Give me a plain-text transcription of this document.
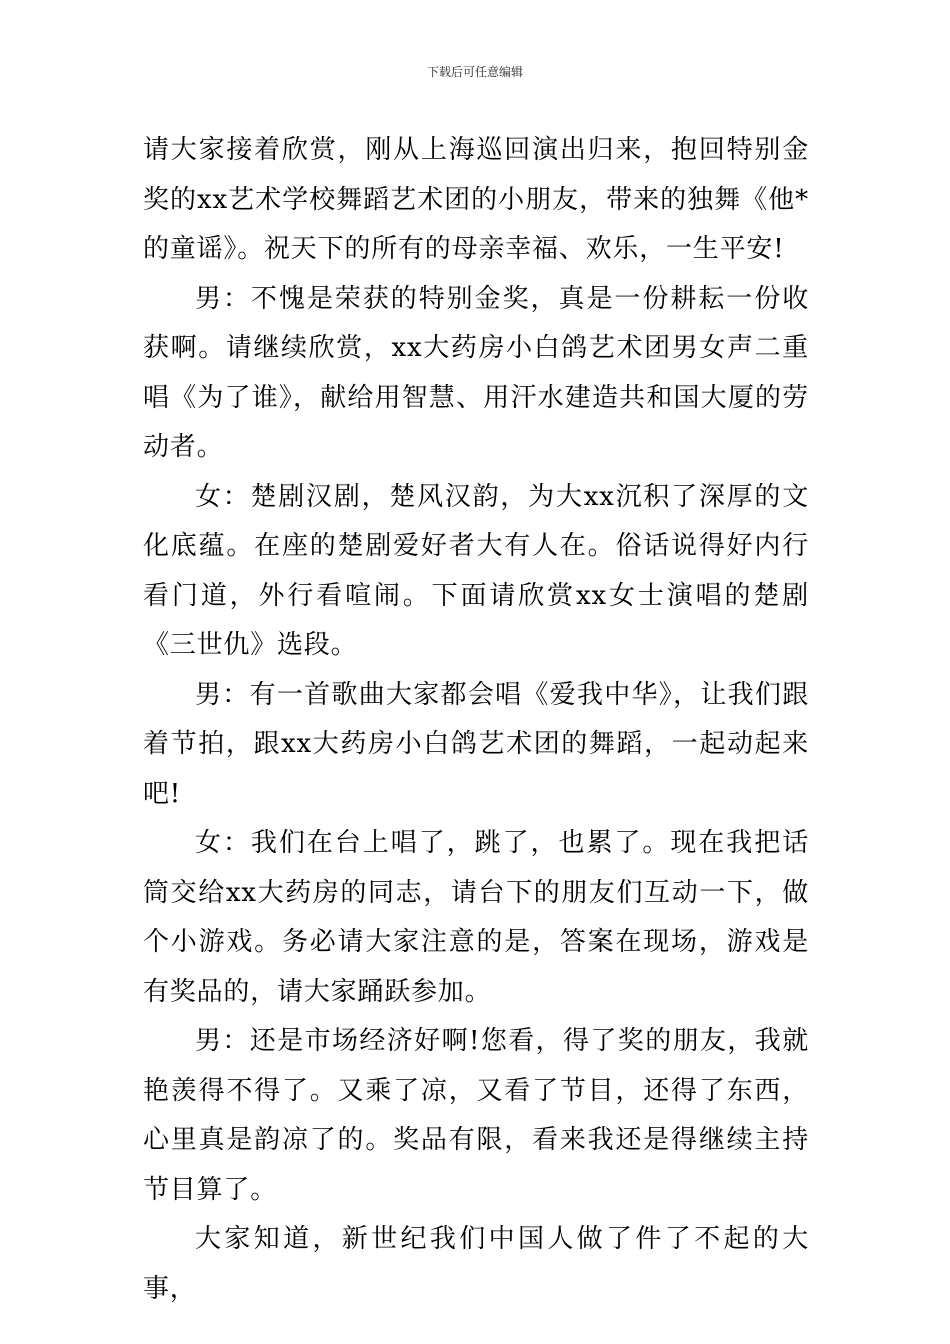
下载后可任意编辑

请大家接着欣赏，刚从上海巡回演出归来，抱回特别金奖的xx艺术学校舞蹈艺术团的小朋友，带来的独舞《他*的童谣》。祝天下的所有的母亲幸福、欢乐，一生平安!

男：不愧是荣获的特别金奖，真是一份耕耘一份收获啊。请继续欣赏，xx大药房小白鸽艺术团男女声二重唱《为了谁》，献给用智慧、用汗水建造共和国大厦的劳动者。

女：楚剧汉剧，楚风汉韵，为大xx沉积了深厚的文化底蕴。在座的楚剧爱好者大有人在。俗话说得好内行看门道，外行看喧闹。下面请欣赏xx女士演唱的楚剧《三世仇》选段。

男：有一首歌曲大家都会唱《爱我中华》，让我们跟着节拍，跟xx大药房小白鸽艺术团的舞蹈，一起动起来吧!

女：我们在台上唱了，跳了，也累了。现在我把话筒交给xx大药房的同志，请台下的朋友们互动一下，做个小游戏。务必请大家注意的是，答案在现场，游戏是有奖品的，请大家踊跃参加。

男：还是市场经济好啊!您看，得了奖的朋友，我就艳羡得不得了。又乘了凉，又看了节目，还得了东西，心里真是韵凉了的。奖品有限，看来我还是得继续主持节目算了。

大家知道，新世纪我们中国人做了件了不起的大事，
